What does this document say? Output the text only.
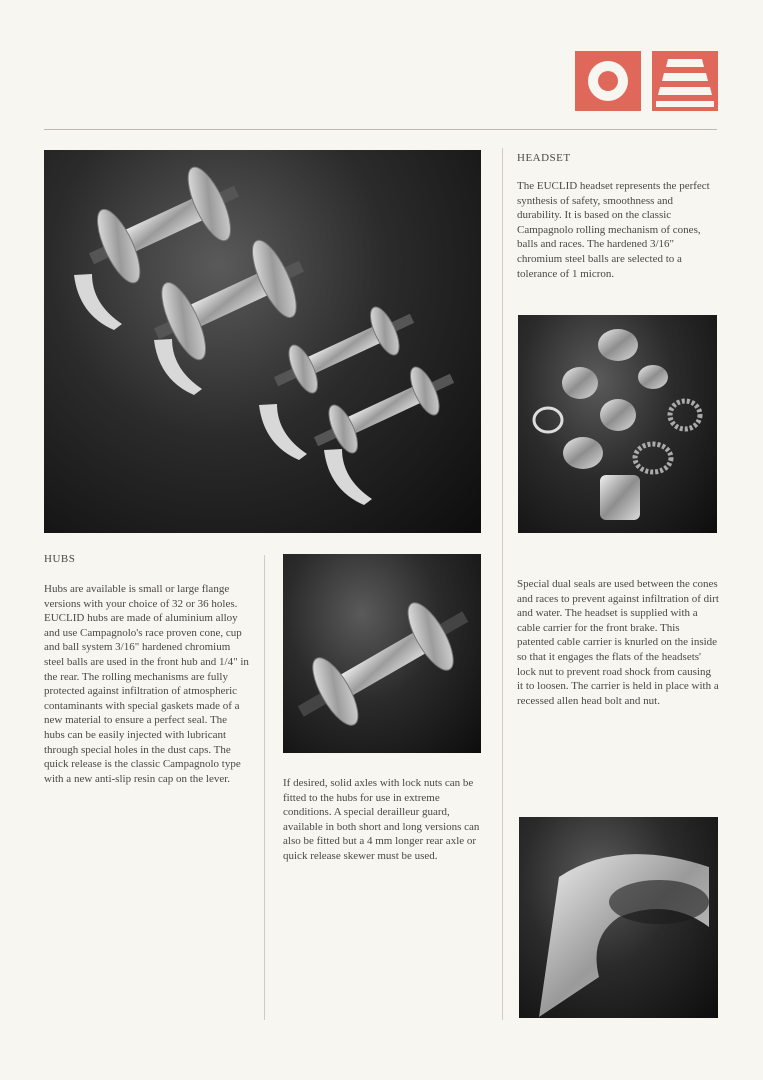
HUBS

Hubs are available is small or large flange versions with your choice of 32 or 36 holes. EUCLID hubs are made of aluminium alloy and use Campagnolo's race proven cone, cup and ball system 3/16" hardened chromium steel balls are used in the front hub and 1/4" in the rear. The rolling mechanisms are fully protected against infiltration of atmospheric contaminants with special gaskets made of a new material to ensure a perfect seal. The hubs can be easily injected with lubricant through special holes in the dust caps. The quick release is the classic Campagnolo type with a new anti-slip resin cap on the lever.	If desired, solid axles with lock nuts can be fitted to the hubs for use in extreme conditions. A special derailleur guard, available in both short and long versions can also be fitted but a 4 mm longer rear axle or quick release skewer must be used.

HEADSET

The EUCLID headset represents the perfect synthesis of safety, smoothness and durability. It is based on the classic Campagnolo rolling mechanism of cones, balls and races. The hardened 3/16" chromium steel balls are selected to a tolerance of 1 micron.

Special dual seals are used between the cones and races to prevent against infiltration of dirt and water. The headset is supplied with a cable carrier for the front brake. This patented cable carrier is knurled on the inside so that it engages the flats of the headsets' lock nut to prevent road shock from causing it to loosen. The carrier is held in place with a recessed allen head bolt and nut.
